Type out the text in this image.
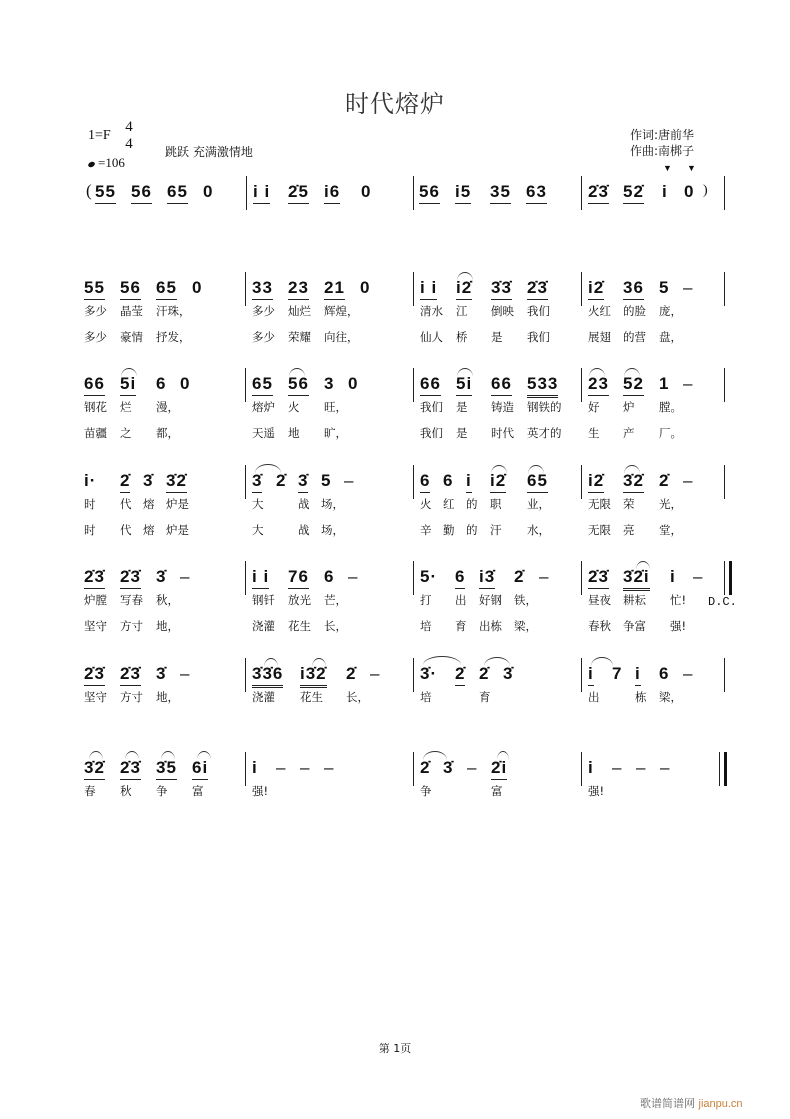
时代熔炉
1=F
4
4
=106
跳跃 充满激情地
作词:唐前华
作曲:南梆子
( 55 56 65 0 i i 2̇5 i6 0	56 i5 35 63 2̇3̇ 52̇
▼
i
▼
0 )
55 56 65 0	33 23 21 0	i i i2̇ 3̇3̇ 2̇3̇ i2̇ 36 5 –
多少 晶莹 汗珠，	多少 灿烂 辉煌，	清水 江 倒映 我们	火红 的脸 庞，
多少 豪情 抒发，	多少 荣耀 向往，	仙人 桥 是 我们	展翅 的营 盘，
66 5i 6 0	65 56 3 0	66 5i 66 533 23 52 1 –
钢花 烂 漫，	熔炉 火 旺，	我们 是 铸造 钢铁的 好 炉 膛。
苗疆 之 都，	天遥 地 旷，	我们 是 时代 英才的 生 产 厂。
i· 2̇ 3̇ 3̇2̇	3̇ 2̇ 3̇ 5 –	6 6 i i2̇ 65 i2̇ 3̇2̇ 2̇ –
时 代 熔 炉是	大	战 场，	火 红 的 职 业，	无限 荣 光，
时 代 熔 炉是	大	战 场，	辛 勤 的 汗 水，	无限 亮 堂，
2̇3̇ 2̇3̇ 3̇ –	i i 76 6 –	5· 6 i3̇ 2̇ – 2̇3̇ 3̇2̇i i –
D.C.
炉膛 写春 秋，	钢钎 放光 芒，	打 出 好钢 铁，	昼夜 耕耘 忙!
坚守 方寸 地，	浇灌 花生 长，	培 育 出栋 梁，	春秋 争富 强!
2̇3̇ 2̇3̇ 3̇ –	3̇3̇6 i3̇2̇ 2̇ – 3̇· 2̇ 2̇ 3̇	i 7 i 6 –
坚守 方寸 地，	浇灌 花生 长，	培	育	出	栋 梁，
3̇2̇ 2̇3̇ 3̇5 6i	i – – –	2̇ 3̇ – 2̇i	i – – –
春 秋 争 富	强!	争	富	强!
第 1页
歌谱简谱网 jianpu.cn
